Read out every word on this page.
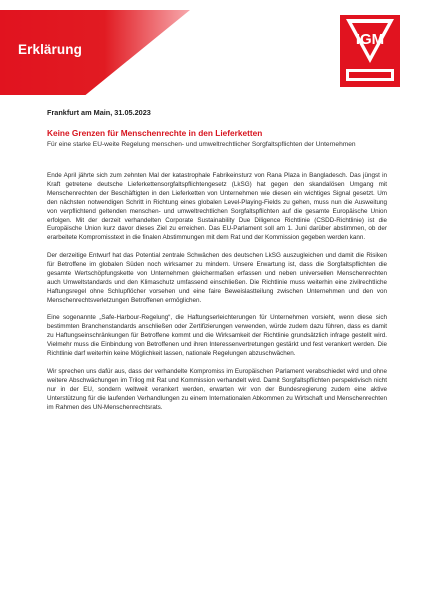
Erklärung
IGM
Frankfurt am Main, 31.05.2023
Keine Grenzen für Menschenrechte in den Lieferketten
Für eine starke EU-weite Regelung menschen- und umweltrechtlicher Sorgfaltspflichten der Unternehmen

Ende April jährte sich zum zehnten Mal der katastrophale Fabrikeinsturz von Rana Plaza in Bangladesch. Das jüngst in Kraft getretene deutsche Lieferkettensorgfaltspflichtengesetz (LkSG) hat gegen den skandalösen Umgang mit Menschenrechten der Beschäftigten in den Lieferketten von Unternehmen wie diesen ein wichtiges Signal gesetzt. Um den nächsten notwendigen Schritt in Richtung eines globalen Level-Playing-Fields zu gehen, muss nun die Ausweitung von verpflichtend geltenden menschen- und umweltrechtlichen Sorgfaltspflichten auf die gesamte Europäische Union erfolgen. Mit der derzeit verhandelten Corporate Sustainability Due Diligence Richtlinie (CSDD-Richtlinie) ist die Europäische Union kurz davor dieses Ziel zu erreichen. Das EU-Parlament soll am 1. Juni darüber abstimmen, ob der erarbeitete Kompromisstext in die finalen Abstimmungen mit dem Rat und der Kommission gegeben werden kann.

Der derzeitige Entwurf hat das Potential zentrale Schwächen des deutschen LkSG auszugleichen und damit die Risiken für Betroffene im globalen Süden noch wirksamer zu mindern. Unsere Erwartung ist, dass die Sorgfaltspflichten die gesamte Wertschöpfungskette von Unternehmen gleichermaßen erfassen und neben universellen Menschenrechten auch Umweltstandards und den Klimaschutz umfassend einschließen. Die Richtlinie muss weiterhin eine zivilrechtliche Haftungsregel ohne Schlupflöcher vorsehen und eine faire Beweislastteilung zwischen Unternehmen und den von Menschenrechtsverletzungen Betroffenen ermöglichen.

Eine sogenannte „Safe-Harbour-Regelung“, die Haftungserleichterungen für Unternehmen vorsieht, wenn diese sich bestimmten Branchenstandards anschließen oder Zertifizierungen verwenden, würde zudem dazu führen, dass es damit zu Haftungseinschränkungen für Betroffene kommt und die Wirksamkeit der Richtlinie grundsätzlich infrage gestellt wird. Vielmehr muss die Einbindung von Betroffenen und ihren Interessenvertretungen gestärkt und fest verankert werden. Die Richtlinie darf weiterhin keine Möglichkeit lassen, nationale Regelungen abzuschwächen.

Wir sprechen uns dafür aus, dass der verhandelte Kompromiss im Europäischen Parlament verabschiedet wird und ohne weitere Abschwächungen im Trilog mit Rat und Kommission verhandelt wird. Damit Sorgfaltspflichten perspektivisch nicht nur in der EU, sondern weltweit verankert werden, erwarten wir von der Bundesregierung zudem eine aktive Unterstützung für die laufenden Verhandlungen zu einem Internationalen Abkommen zu Wirtschaft und Menschenrechten im Rahmen des UN-Menschenrechtsrats.
